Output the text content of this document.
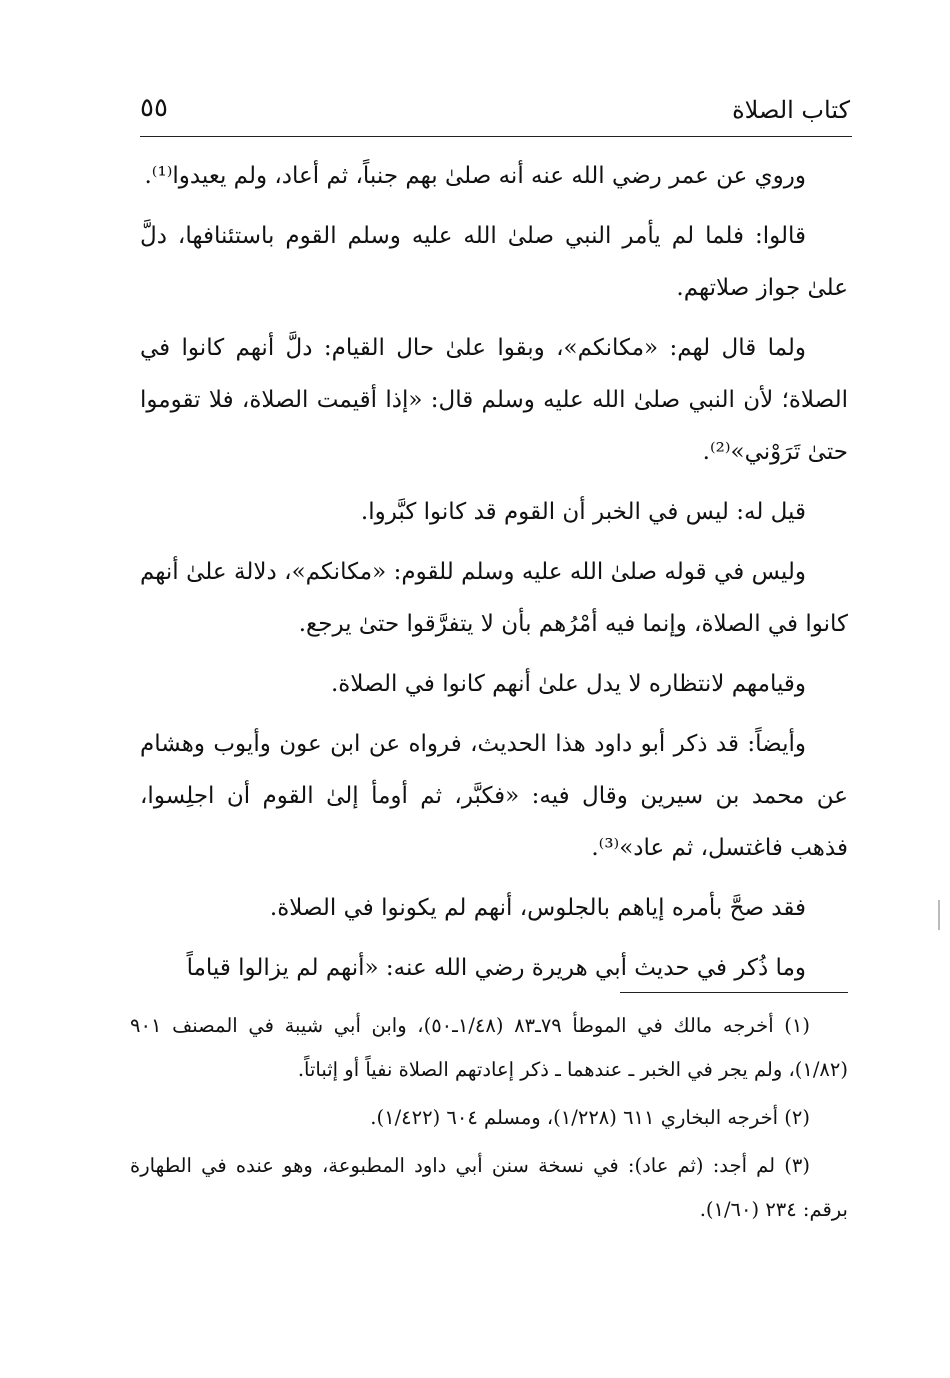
٥٥	كتاب الصلاة

وروي عن عمر رضي الله عنه أنه صلىٰ بهم جنباً، ثم أعاد، ولم يعيدوا⁽¹⁾.

قالوا: فلما لم يأمر النبي صلىٰ الله عليه وسلم القوم باستئنافها، دلَّ علىٰ جواز صلاتهم.

ولما قال لهم: «مكانكم»، وبقوا علىٰ حال القيام: دلَّ أنهم كانوا في الصلاة؛ لأن النبي صلىٰ الله عليه وسلم قال: «إذا أقيمت الصلاة، فلا تقوموا حتىٰ تَرَوْني»⁽²⁾.

قيل له: ليس في الخبر أن القوم قد كانوا كبَّروا.

وليس في قوله صلىٰ الله عليه وسلم للقوم: «مكانكم»، دلالة علىٰ أنهم كانوا في الصلاة، وإنما فيه أمْرُهم بأن لا يتفرَّقوا حتىٰ يرجع.

وقيامهم لانتظاره لا يدل علىٰ أنهم كانوا في الصلاة.

وأيضاً: قد ذكر أبو داود هذا الحديث، فرواه عن ابن عون وأيوب وهشام عن محمد بن سيرين وقال فيه: «فكبَّر، ثم أومأ إلىٰ القوم أن اجلِسوا، فذهب فاغتسل، ثم عاد»⁽³⁾.

فقد صحَّ بأمره إياهم بالجلوس، أنهم لم يكونوا في الصلاة.

وما ذُكر في حديث أبي هريرة رضي الله عنه: «أنهم لم يزالوا قياماً

(١) أخرجه مالك في الموطأ ٧٩ـ٨٣ (١/٤٨ـ٥٠)، وابن أبي شيبة في المصنف ٩٠١ (١/٨٢)، ولم يجر في الخبر ـ عندهما ـ ذكر إعادتهم الصلاة نفياً أو إثباتاً.

(٢) أخرجه البخاري ٦١١ (١/٢٢٨)، ومسلم ٦٠٤ (١/٤٢٢).

(٣) لم أجد: (ثم عاد): في نسخة سنن أبي داود المطبوعة، وهو عنده في الطهارة برقم: ٢٣٤ (١/٦٠).
